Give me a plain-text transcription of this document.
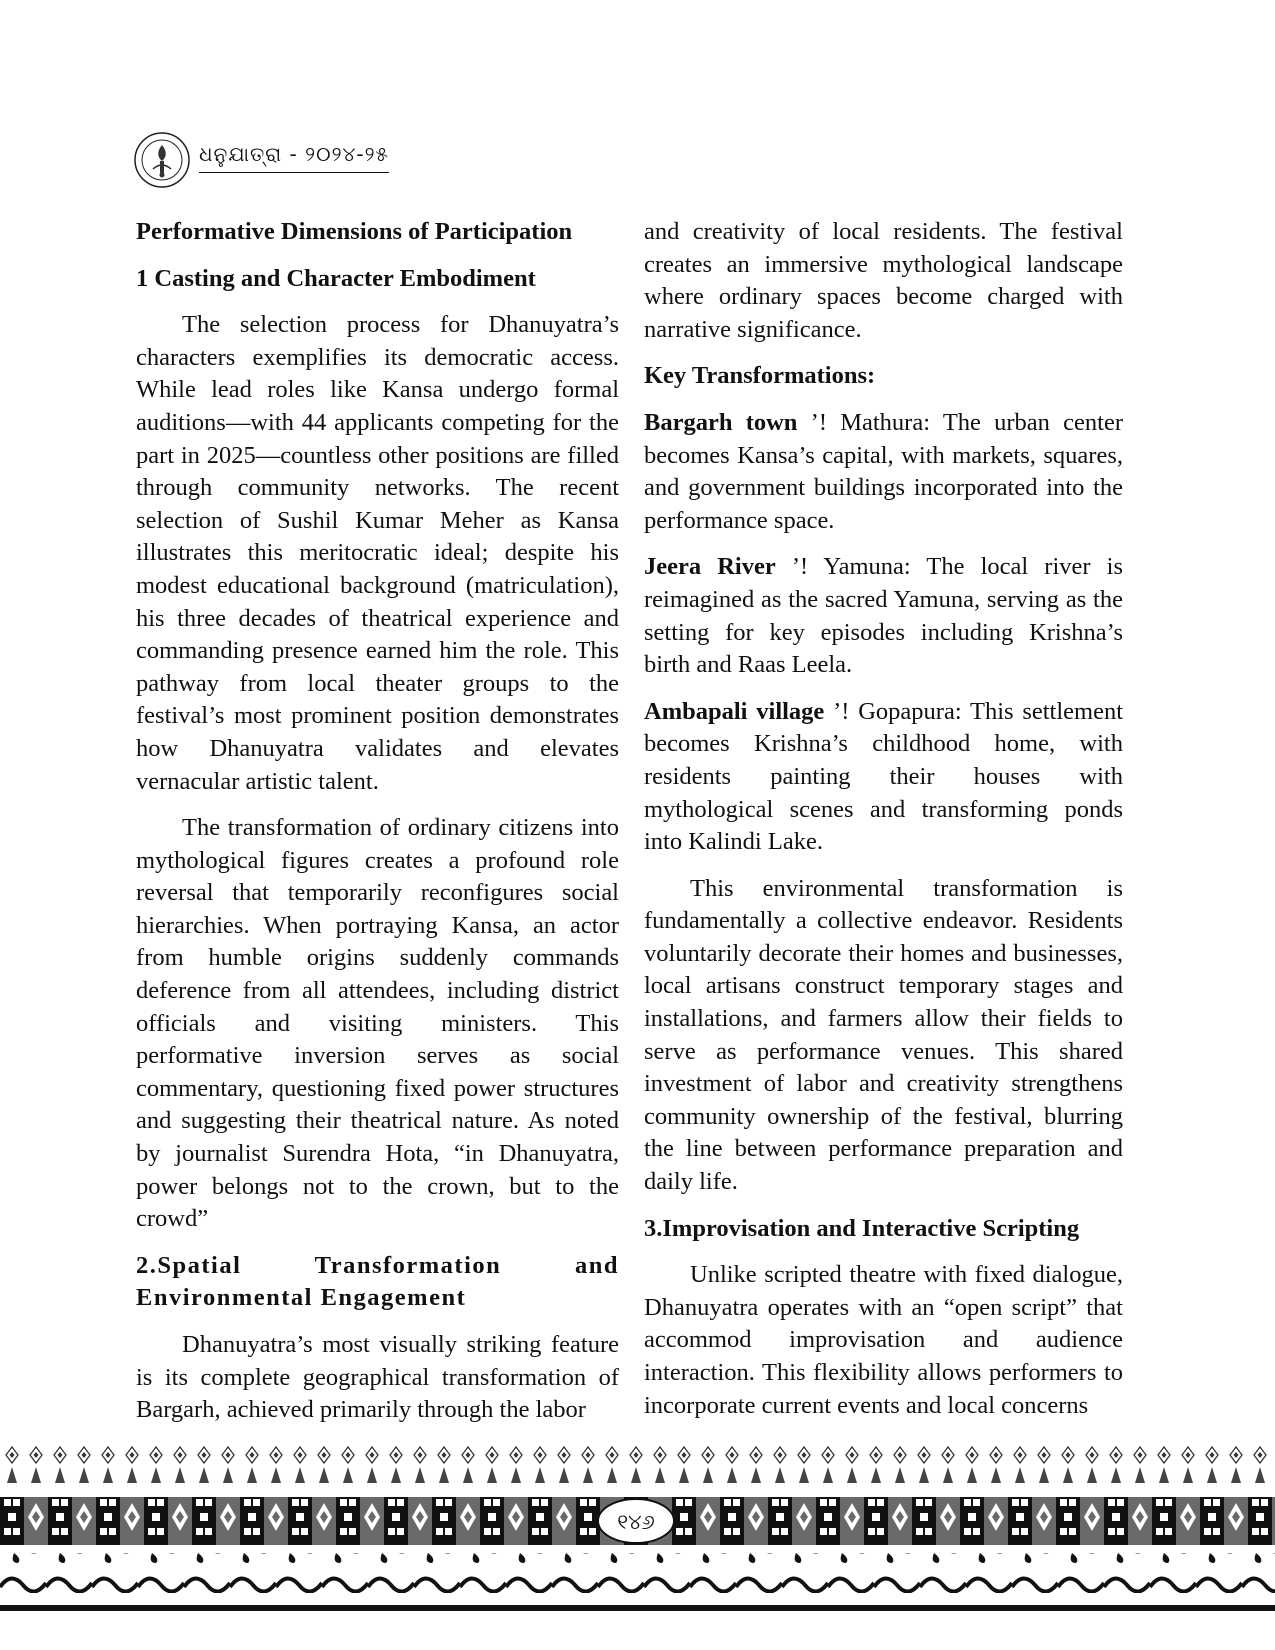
ଧନୁଯାତ୍ରା - ୨୦୨୪-୨୫
Performative Dimensions of Participation
1 Casting and Character Embodiment

The selection process for Dhanuyatra’s characters exemplifies its democratic access. While lead roles like Kansa undergo formal auditions—with 44 applicants competing for the part in 2025—countless other positions are filled through community networks. The recent selection of Sushil Kumar Meher as Kansa illustrates this meritocratic ideal; despite his modest educational background (matriculation), his three decades of theatrical experience and commanding presence earned him the role. This pathway from local theater groups to the festival’s most prominent position demonstrates how Dhanuyatra validates and elevates vernacular artistic talent.

The transformation of ordinary citizens into mythological figures creates a profound role reversal that temporarily reconfigures social hierarchies. When portraying Kansa, an actor from humble origins suddenly commands deference from all attendees, including district officials and visiting ministers. This performative inversion serves as social commentary, questioning fixed power structures and suggesting their theatrical nature. As noted by journalist Surendra Hota, “in Dhanuyatra, power belongs not to the crown, but to the crowd”

2.Spatial Transformation and Environmental Engagement

Dhanuyatra’s most visually striking feature is its complete geographical transformation of Bargarh, achieved primarily through the labor

and creativity of local residents. The festival creates an immersive mythological landscape where ordinary spaces become charged with narrative significance.

Key Transformations:

Bargarh town ’! Mathura: The urban center becomes Kansa’s capital, with markets, squares, and government buildings incorporated into the performance space.

Jeera River ’! Yamuna: The local river is reimagined as the sacred Yamuna, serving as the setting for key episodes including Krishna’s birth and Raas Leela.

Ambapali village ’! Gopapura: This settlement becomes Krishna’s childhood home, with residents painting their houses with mythological scenes and transforming ponds into Kalindi Lake.

This environmental transformation is fundamentally a collective endeavor. Residents voluntarily decorate their homes and businesses, local artisans construct temporary stages and installations, and farmers allow their fields to serve as performance venues. This shared investment of labor and creativity strengthens community ownership of the festival, blurring the line between performance preparation and daily life.

3.Improvisation and Interactive Scripting

Unlike scripted theatre with fixed dialogue, Dhanuyatra operates with an “open script” that accommod improvisation and audience interaction. This flexibility allows performers to incorporate current events and local concerns

୧୪୬
